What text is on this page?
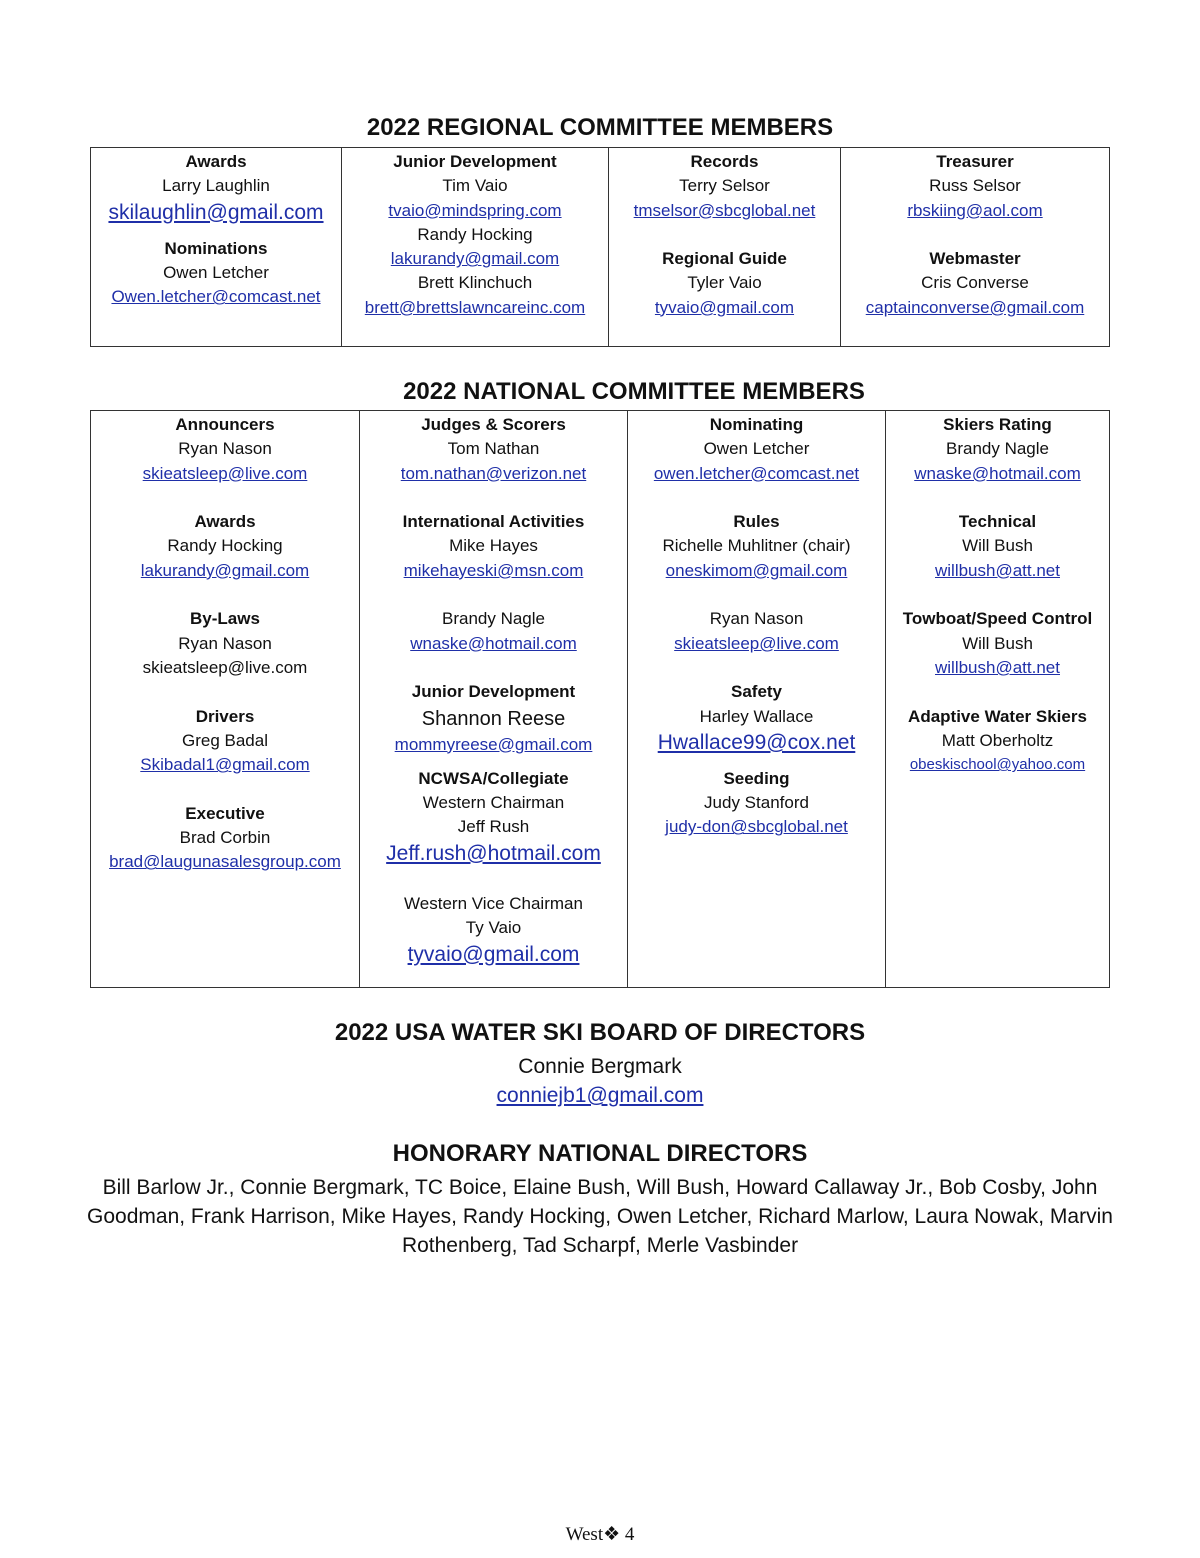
2022 REGIONAL COMMITTEE MEMBERS
Awards
Larry Laughlin
skilaughlin@gmail.com
Nominations
Owen Letcher
Owen.letcher@comcast.net

Junior Development
Tim Vaio
tvaio@mindspring.com
Randy Hocking
lakurandy@gmail.com
Brett Klinchuch
brett@brettslawncareinc.com

Records
Terry Selsor
tmselsor@sbcglobal.net
Regional Guide
Tyler Vaio
tyvaio@gmail.com

Treasurer
Russ Selsor
rbskiing@aol.com
Webmaster
Cris Converse
captainconverse@gmail.com
2022 NATIONAL COMMITTEE MEMBERS
Announcers
Ryan Nason
skieatsleep@live.com
Awards
Randy Hocking
lakurandy@gmail.com
By-Laws
Ryan Nason
skieatsleep@live.com
Drivers
Greg Badal
Skibadal1@gmail.com
Executive
Brad Corbin
brad@laugunasalesgroup.com

Judges & Scorers
Tom Nathan
tom.nathan@verizon.net
International Activities
Mike Hayes
mikehayeski@msn.com
Brandy Nagle
wnaske@hotmail.com
Junior Development
Shannon Reese
mommyreese@gmail.com
NCWSA/Collegiate
Western Chairman
Jeff Rush
Jeff.rush@hotmail.com
Western Vice Chairman
Ty Vaio
tyvaio@gmail.com

Nominating
Owen Letcher
owen.letcher@comcast.net
Rules
Richelle Muhlitner (chair)
oneskimom@gmail.com
Ryan Nason
skieatsleep@live.com
Safety
Harley Wallace
Hwallace99@cox.net
Seeding
Judy Stanford
judy-don@sbcglobal.net

Skiers Rating
Brandy Nagle
wnaske@hotmail.com
Technical
Will Bush
willbush@att.net
Towboat/Speed Control
Will Bush
willbush@att.net
Adaptive Water Skiers
Matt Oberholtz
obeskischool@yahoo.com
2022 USA WATER SKI BOARD OF DIRECTORS
Connie Bergmark
conniejb1@gmail.com
HONORARY NATIONAL DIRECTORS
Bill Barlow Jr., Connie Bergmark, TC Boice, Elaine Bush, Will Bush, Howard Callaway Jr., Bob Cosby, John Goodman, Frank Harrison, Mike Hayes, Randy Hocking, Owen Letcher, Richard Marlow, Laura Nowak, Marvin Rothenberg, Tad Scharpf, Merle Vasbinder
West❖ 4
